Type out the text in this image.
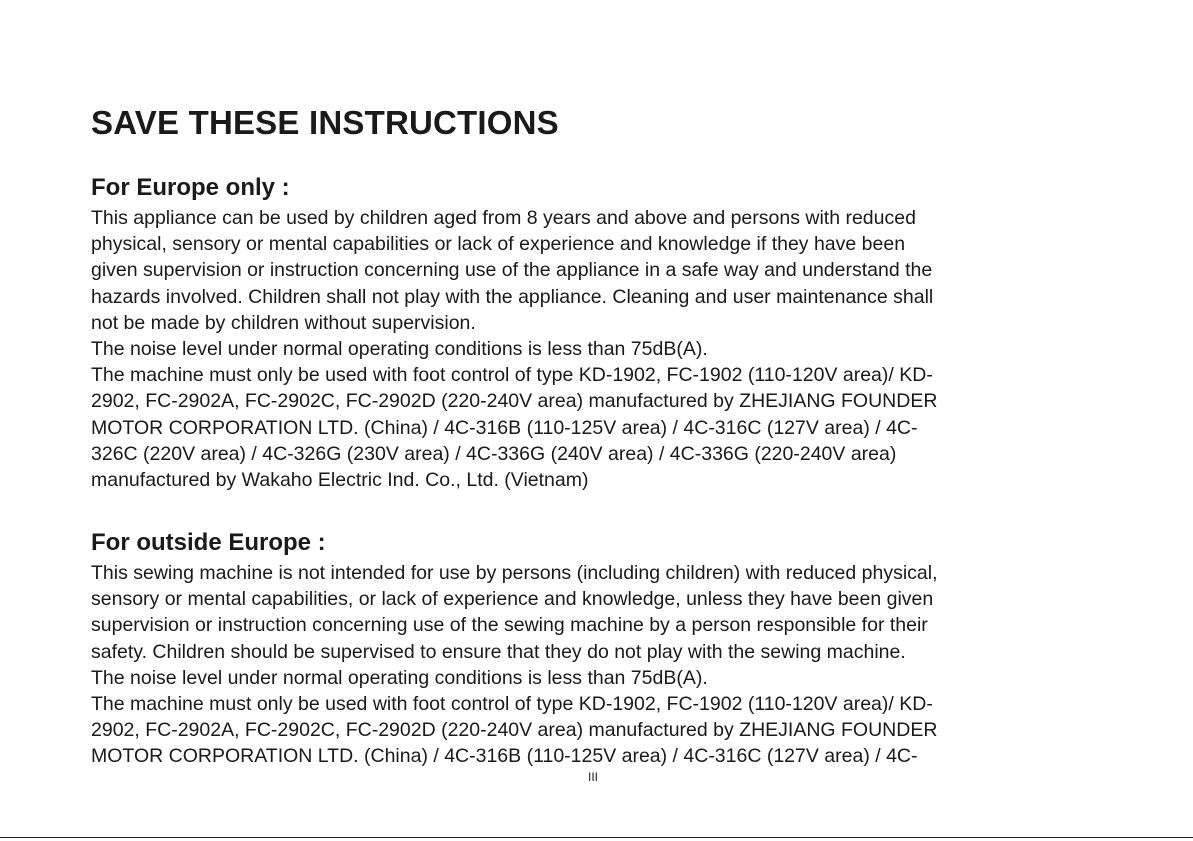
SAVE THESE INSTRUCTIONS
For Europe only :
This appliance can be used by children aged from 8 years and above and persons with reduced
physical, sensory or mental capabilities or lack of experience and knowledge if they have been
given supervision or instruction concerning use of the appliance in a safe way and understand the
hazards involved. Children shall not play with the appliance. Cleaning and user maintenance shall
not be made by children without supervision.
The noise level under normal operating conditions is less than 75dB(A).
The machine must only be used with foot control of type KD-1902, FC-1902 (110-120V area)/ KD-
2902, FC-2902A, FC-2902C, FC-2902D (220-240V area) manufactured by ZHEJIANG FOUNDER
MOTOR CORPORATION LTD. (China) / 4C-316B (110-125V area) / 4C-316C (127V area) / 4C-
326C (220V area) / 4C-326G (230V area) / 4C-336G (240V area) / 4C-336G (220-240V area)
manufactured by Wakaho Electric Ind. Co., Ltd. (Vietnam)
For outside Europe :
This sewing machine is not intended for use by persons (including children) with reduced physical,
sensory or mental capabilities, or lack of experience and knowledge, unless they have been given
supervision or instruction concerning use of the sewing machine by a person responsible for their
safety. Children should be supervised to ensure that they do not play with the sewing machine.
The noise level under normal operating conditions is less than 75dB(A).
The machine must only be used with foot control of type KD-1902, FC-1902 (110-120V area)/ KD-
2902, FC-2902A, FC-2902C, FC-2902D (220-240V area) manufactured by ZHEJIANG FOUNDER
MOTOR CORPORATION LTD. (China) / 4C-316B (110-125V area) / 4C-316C (127V area) / 4C-
III
